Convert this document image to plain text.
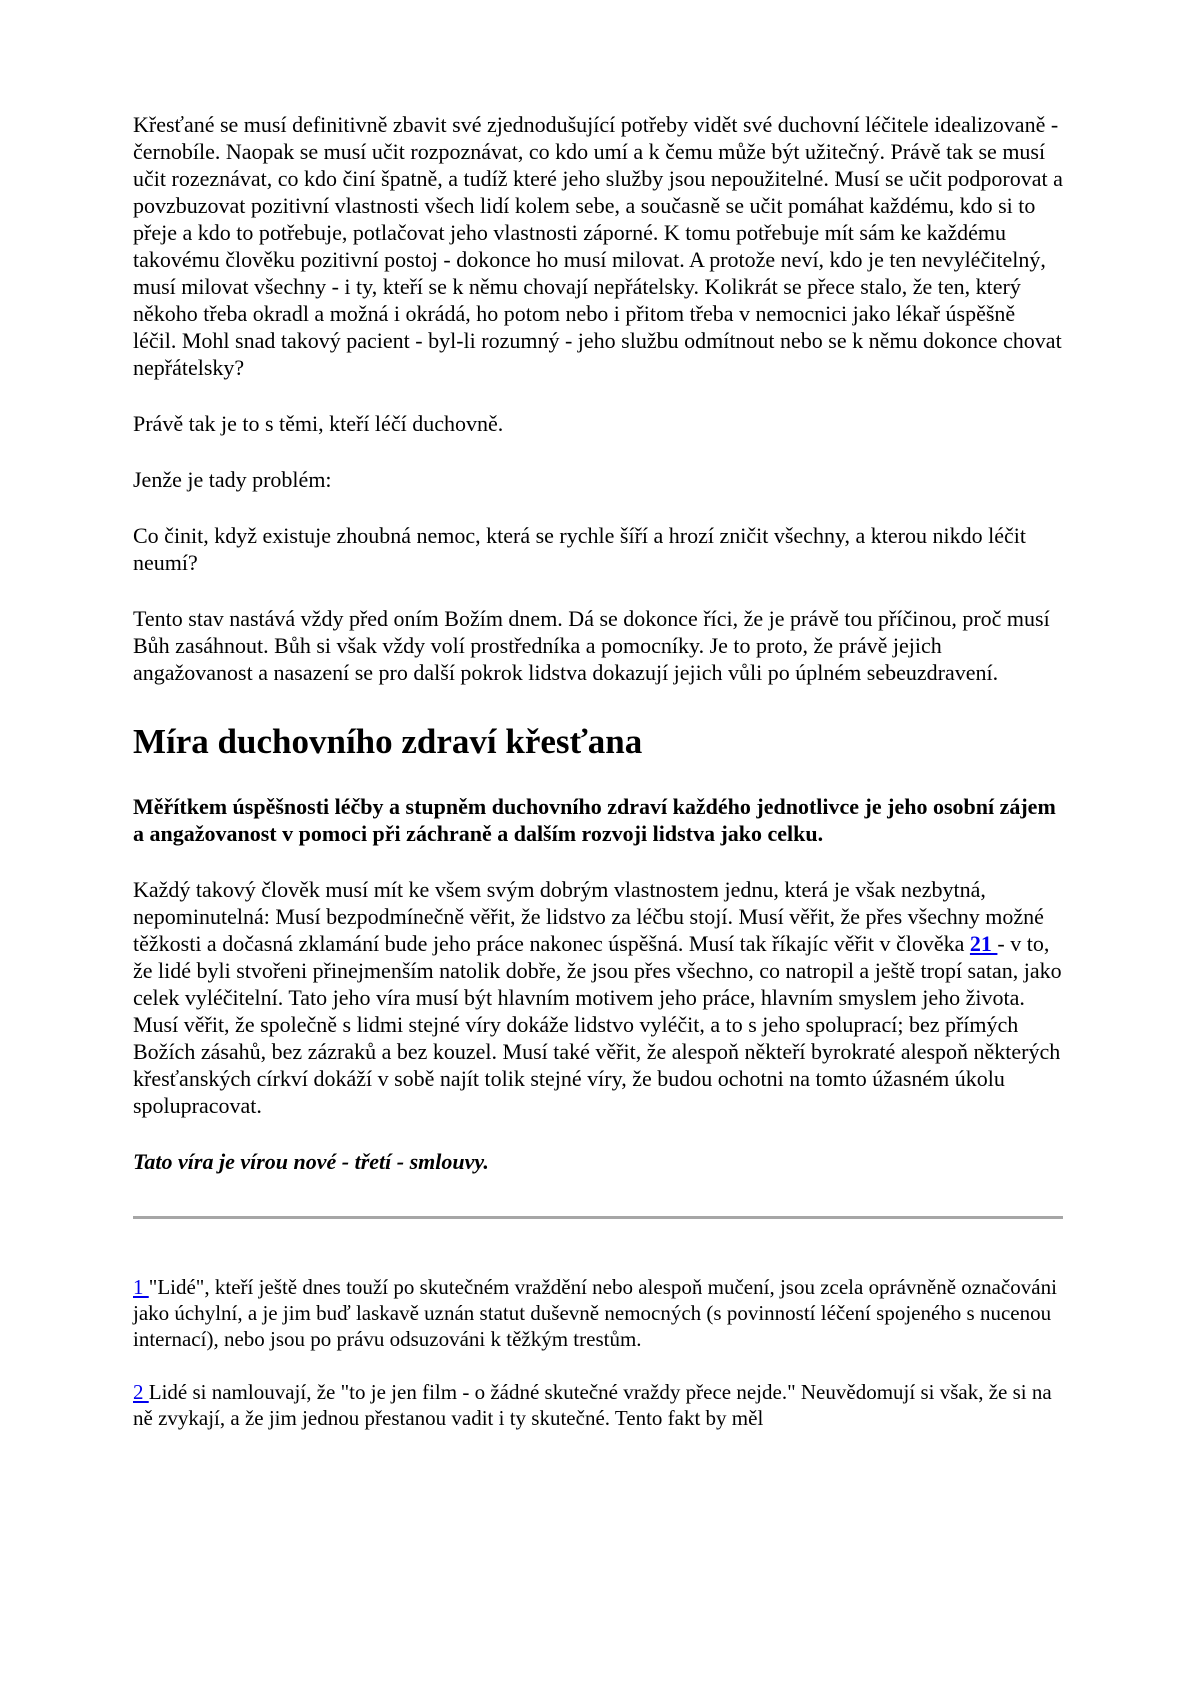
Křesťané se musí definitivně zbavit své zjednodušující potřeby vidět své duchovní léčitele idealizovaně - černobíle. Naopak se musí učit rozpoznávat, co kdo umí a k čemu může být užitečný. Právě tak se musí učit rozeznávat, co kdo činí špatně, a tudíž které jeho služby jsou nepoužitelné. Musí se učit podporovat a povzbuzovat pozitivní vlastnosti všech lidí kolem sebe, a současně se učit pomáhat každému, kdo si to přeje a kdo to potřebuje, potlačovat jeho vlastnosti záporné. K tomu potřebuje mít sám ke každému takovému člověku pozitivní postoj - dokonce ho musí milovat. A protože neví, kdo je ten nevyléčitelný, musí milovat všechny - i ty, kteří se k němu chovají nepřátelsky. Kolikrát se přece stalo, že ten, který někoho třeba okradl a možná i okrádá, ho potom nebo i přitom třeba v nemocnici jako lékař úspěšně léčil. Mohl snad takový pacient - byl-li rozumný - jeho službu odmítnout nebo se k němu dokonce chovat nepřátelsky?

Právě tak je to s těmi, kteří léčí duchovně.

Jenže je tady problém:

Co činit, když existuje zhoubná nemoc, která se rychle šíří a hrozí zničit všechny, a kterou nikdo léčit neumí?

Tento stav nastává vždy před oním Božím dnem. Dá se dokonce říci, že je právě tou příčinou, proč musí Bůh zasáhnout. Bůh si však vždy volí prostředníka a pomocníky. Je to proto, že právě jejich angažovanost a nasazení se pro další pokrok lidstva dokazují jejich vůli po úplném sebeuzdravení.

Míra duchovního zdraví křesťana

Měřítkem úspěšnosti léčby a stupněm duchovního zdraví každého jednotlivce je jeho osobní zájem a angažovanost v pomoci při záchraně a dalším rozvoji lidstva jako celku.

Každý takový člověk musí mít ke všem svým dobrým vlastnostem jednu, která je však nezbytná, nepominutelná: Musí bezpodmínečně věřit, že lidstvo za léčbu stojí. Musí věřit, že přes všechny možné těžkosti a dočasná zklamání bude jeho práce nakonec úspěšná. Musí tak říkajíc věřit v člověka 21 - v to, že lidé byli stvořeni přinejmenším natolik dobře, že jsou přes všechno, co natropil a ještě tropí satan, jako celek vyléčitelní. Tato jeho víra musí být hlavním motivem jeho práce, hlavním smyslem jeho života. Musí věřit, že společně s lidmi stejné víry dokáže lidstvo vyléčit, a to s jeho spoluprací; bez přímých Božích zásahů, bez zázraků a bez kouzel. Musí také věřit, že alespoň někteří byrokraté alespoň některých křesťanských církví dokáží v sobě najít tolik stejné víry, že budou ochotni na tomto úžasném úkolu spolupracovat.

Tato víra je vírou nové - třetí - smlouvy.

1 "Lidé", kteří ještě dnes touží po skutečném vraždění nebo alespoň mučení, jsou zcela oprávněně označováni jako úchylní, a je jim buď laskavě uznán statut duševně nemocných (s povinností léčení spojeného s nucenou internací), nebo jsou po právu odsuzováni k těžkým trestům.

2 Lidé si namlouvají, že "to je jen film - o žádné skutečné vraždy přece nejde." Neuvědomují si však, že si na ně zvykají, a že jim jednou přestanou vadit i ty skutečné. Tento fakt by měl
